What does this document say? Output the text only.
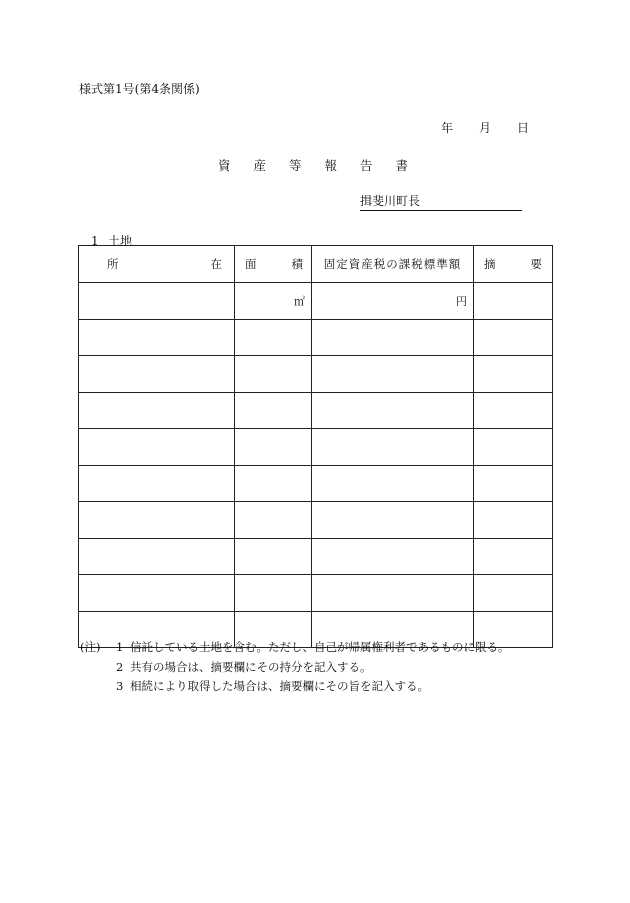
様式第1号(第4条関係)
年 月 日
資産等報告書
揖斐川町長
1 土地
所 在	面 積	固定資産税の課税標準額	摘 要

	㎡	円	

(注) 1 信託している土地を含む。ただし、自己が帰属権利者であるものに限る。
2 共有の場合は、摘要欄にその持分を記入する。
3 相続により取得した場合は、摘要欄にその旨を記入する。
